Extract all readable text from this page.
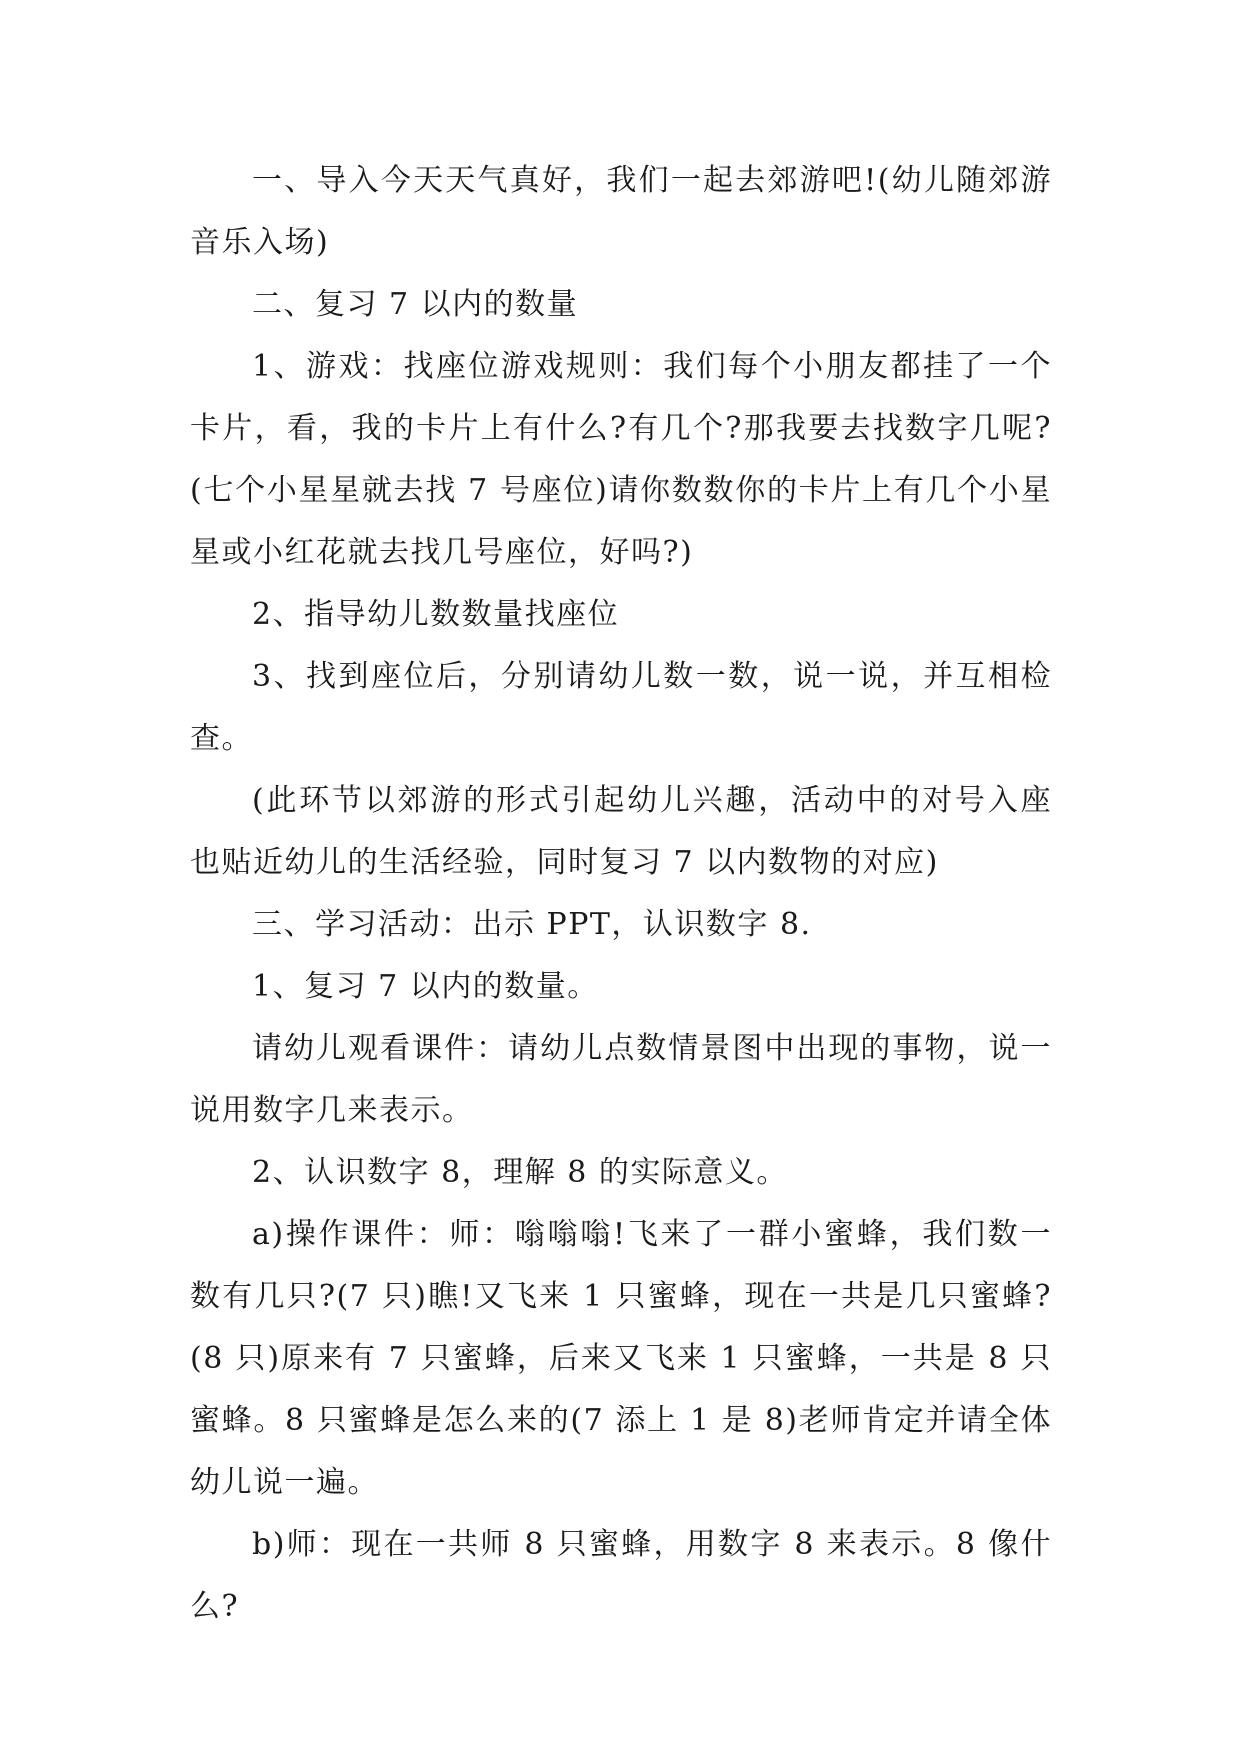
一、导入今天天气真好，我们一起去郊游吧!(幼儿随郊游音乐入场)

二、复习 7 以内的数量

1、游戏：找座位游戏规则：我们每个小朋友都挂了一个卡片，看，我的卡片上有什么?有几个?那我要去找数字几呢?(七个小星星就去找 7 号座位)请你数数你的卡片上有几个小星星或小红花就去找几号座位，好吗?)

2、指导幼儿数数量找座位

3、找到座位后，分别请幼儿数一数，说一说，并互相检查。

(此环节以郊游的形式引起幼儿兴趣，活动中的对号入座也贴近幼儿的生活经验，同时复习 7 以内数物的对应)

三、学习活动：出示 PPT，认识数字 8.

1、复习 7 以内的数量。

请幼儿观看课件：请幼儿点数情景图中出现的事物，说一说用数字几来表示。

2、认识数字 8，理解 8 的实际意义。

a)操作课件：师：嗡嗡嗡!飞来了一群小蜜蜂，我们数一数有几只?(7 只)瞧!又飞来 1 只蜜蜂，现在一共是几只蜜蜂?(8 只)原来有 7 只蜜蜂，后来又飞来 1 只蜜蜂，一共是 8 只蜜蜂。8 只蜜蜂是怎么来的(7 添上 1 是 8)老师肯定并请全体幼儿说一遍。

b)师：现在一共师 8 只蜜蜂，用数字 8 来表示。8 像什么?
